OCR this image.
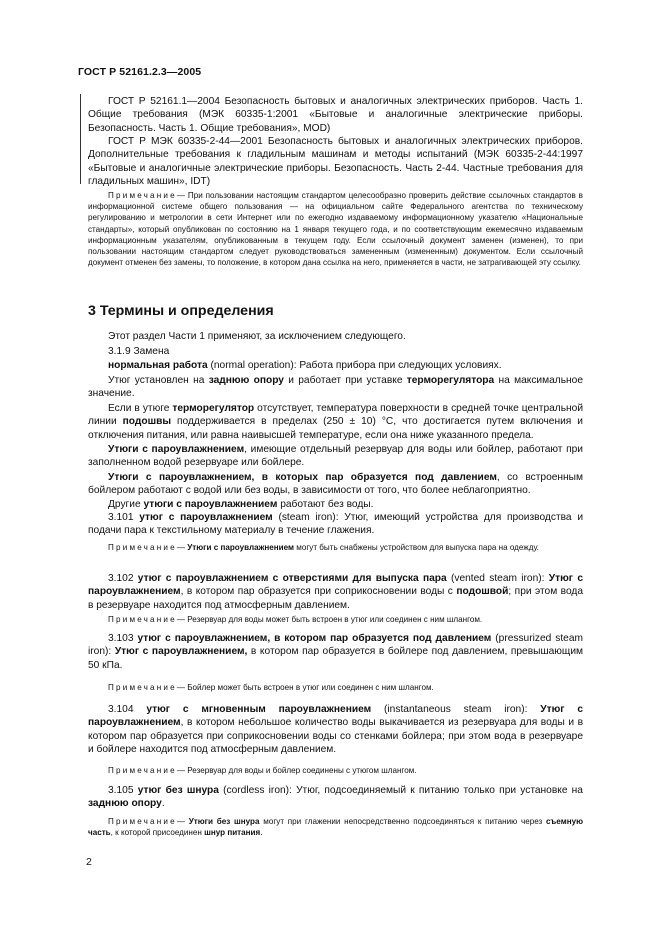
ГОСТ Р 52161.2.3—2005
ГОСТ Р 52161.1—2004 Безопасность бытовых и аналогичных электрических приборов. Часть 1. Общие требования (МЭК 60335-1:2001 «Бытовые и аналогичные электрические приборы. Безопасность. Часть 1. Общие требования», MOD)
ГОСТ Р МЭК 60335-2-44—2001 Безопасность бытовых и аналогичных электрических приборов. Дополнительные требования к гладильным машинам и методы испытаний (МЭК 60335-2-44:1997 «Бытовые и аналогичные электрические приборы. Безопасность. Часть 2-44. Частные требования для гладильных машин», IDT)
Примечание— При пользовании настоящим стандартом целесообразно проверить действие ссылочных стандартов в информационной системе общего пользования — на официальном сайте Федерального агентства по техническому регулированию и метрологии в сети Интернет или по ежегодно издаваемому информационному указателю «Национальные стандарты», который опубликован по состоянию на 1 января текущего года, и по соответствующим ежемесячно издаваемым информационным указателям, опубликованным в текущем году. Если ссылочный документ заменен (изменен), то при пользовании настоящим стандартом следует руководствоваться замененным (измененным) документом. Если ссылочный документ отменен без замены, то положение, в котором дана ссылка на него, применяется в части, не затрагивающей эту ссылку.
3 Термины и определения
Этот раздел Части 1 применяют, за исключением следующего.
3.1.9 Замена
нормальная работа (normal operation): Работа прибора при следующих условиях.
Утюг установлен на заднюю опору и работает при уставке терморегулятора на максимальное значение.
Если в утюге терморегулятор отсутствует, температура поверхности в средней точке центральной линии подошвы поддерживается в пределах (250 ± 10) °С, что достигается путем включения и отключения питания, или равна наивысшей температуре, если она ниже указанного предела.
Утюги с пароувлажнением, имеющие отдельный резервуар для воды или бойлер, работают при заполненном водой резервуаре или бойлере.
Утюги с пароувлажнением, в которых пар образуется под давлением, со встроенным бойлером работают с водой или без воды, в зависимости от того, что более неблагоприятно.
Другие утюги с пароувлажнением работают без воды.
3.101 утюг с пароувлажнением (steam iron): Утюг, имеющий устройства для производства и подачи пара к текстильному материалу в течение глажения.
Примечание— Утюги с пароувлажнением могут быть снабжены устройством для выпуска пара на одежду.
3.102 утюг с пароувлажнением с отверстиями для выпуска пара (vented steam iron): Утюг с пароувлажнением, в котором пар образуется при соприкосновении воды с подошвой; при этом вода в резервуаре находится под атмосферным давлением.
Примечание— Резервуар для воды может быть встроен в утюг или соединен с ним шлангом.
3.103 утюг с пароувлажнением, в котором пар образуется под давлением (pressurized steam iron): Утюг с пароувлажнением, в котором пар образуется в бойлере под давлением, превышающим 50 кПа.
Примечание— Бойлер может быть встроен в утюг или соединен с ним шлангом.
3.104 утюг с мгновенным пароувлажнением (instantaneous steam iron): Утюг с пароувлажнением, в котором небольшое количество воды выкачивается из резервуара для воды и в котором пар образуется при соприкосновении воды со стенками бойлера; при этом вода в резервуаре и бойлере находится под атмосферным давлением.
Примечание— Резервуар для воды и бойлер соединены с утюгом шлангом.
3.105 утюг без шнура (cordless iron): Утюг, подсоединяемый к питанию только при установке на заднюю опору.
Примечание— Утюги без шнура могут при глажении непосредственно подсоединяться к питанию через съемную часть, к которой присоединен шнур питания.
2
